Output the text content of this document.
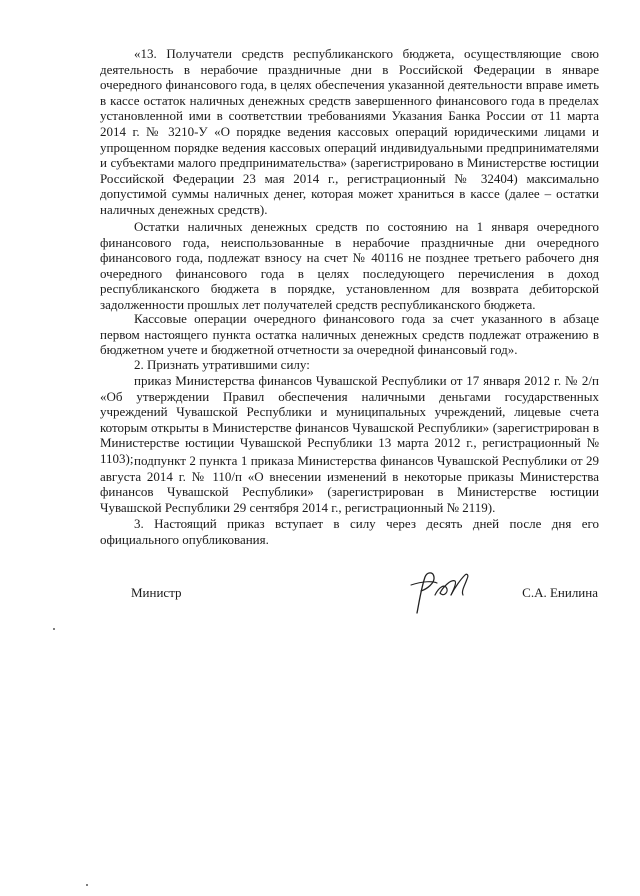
«13. Получатели средств республиканского бюджета, осуществляющие свою деятельность в нерабочие праздничные дни в Российской Федерации в январе очередного финансового года, в целях обеспечения указанной деятельности вправе иметь в кассе остаток наличных денежных средств завершенного финансового года в пределах установленной ими в соответствии требованиями Указания Банка России от 11 марта 2014 г. № 3210-У «О порядке ведения кассовых операций юридическими лицами и упрощенном порядке ведения кассовых операций индивидуальными предпринимателями и субъектами малого предпринимательства» (зарегистрировано в Министерстве юстиции Российской Федерации 23 мая 2014 г., регистрационный № 32404) максимально допустимой суммы наличных денег, которая может храниться в кассе (далее – остатки наличных денежных средств).

Остатки наличных денежных средств по состоянию на 1 января очередного финансового года, неиспользованные в нерабочие праздничные дни очередного финансового года, подлежат взносу на счет № 40116 не позднее третьего рабочего дня очередного финансового года в целях последующего перечисления в доход республиканского бюджета в порядке, установленном для возврата дебиторской задолженности прошлых лет получателей средств республиканского бюджета.

Кассовые операции очередного финансового года за счет указанного в абзаце первом настоящего пункта остатка наличных денежных средств подлежат отражению в бюджетном учете и бюджетной отчетности за очередной финансовый год».

2. Признать утратившими силу:

приказ Министерства финансов Чувашской Республики от 17 января 2012 г. № 2/п «Об утверждении Правил обеспечения наличными деньгами государственных учреждений Чувашской Республики и муниципальных учреждений, лицевые счета которым открыты в Министерстве финансов Чувашской Республики» (зарегистрирован в Министерстве юстиции Чувашской Республики 13 марта 2012 г., регистрационный № 1103); подпункт 2 пункта 1 приказа Министерства финансов Чувашской Республики от 29 августа 2014 г. № 110/п «О внесении изменений в некоторые приказы Министерства финансов Чувашской Республики» (зарегистрирован в Министерстве юстиции Чувашской Республики 29 сентября 2014 г., регистрационный № 2119).

3. Настоящий приказ вступает в силу через десять дней после дня его официального опубликования.

Министр	С.А. Енилина
